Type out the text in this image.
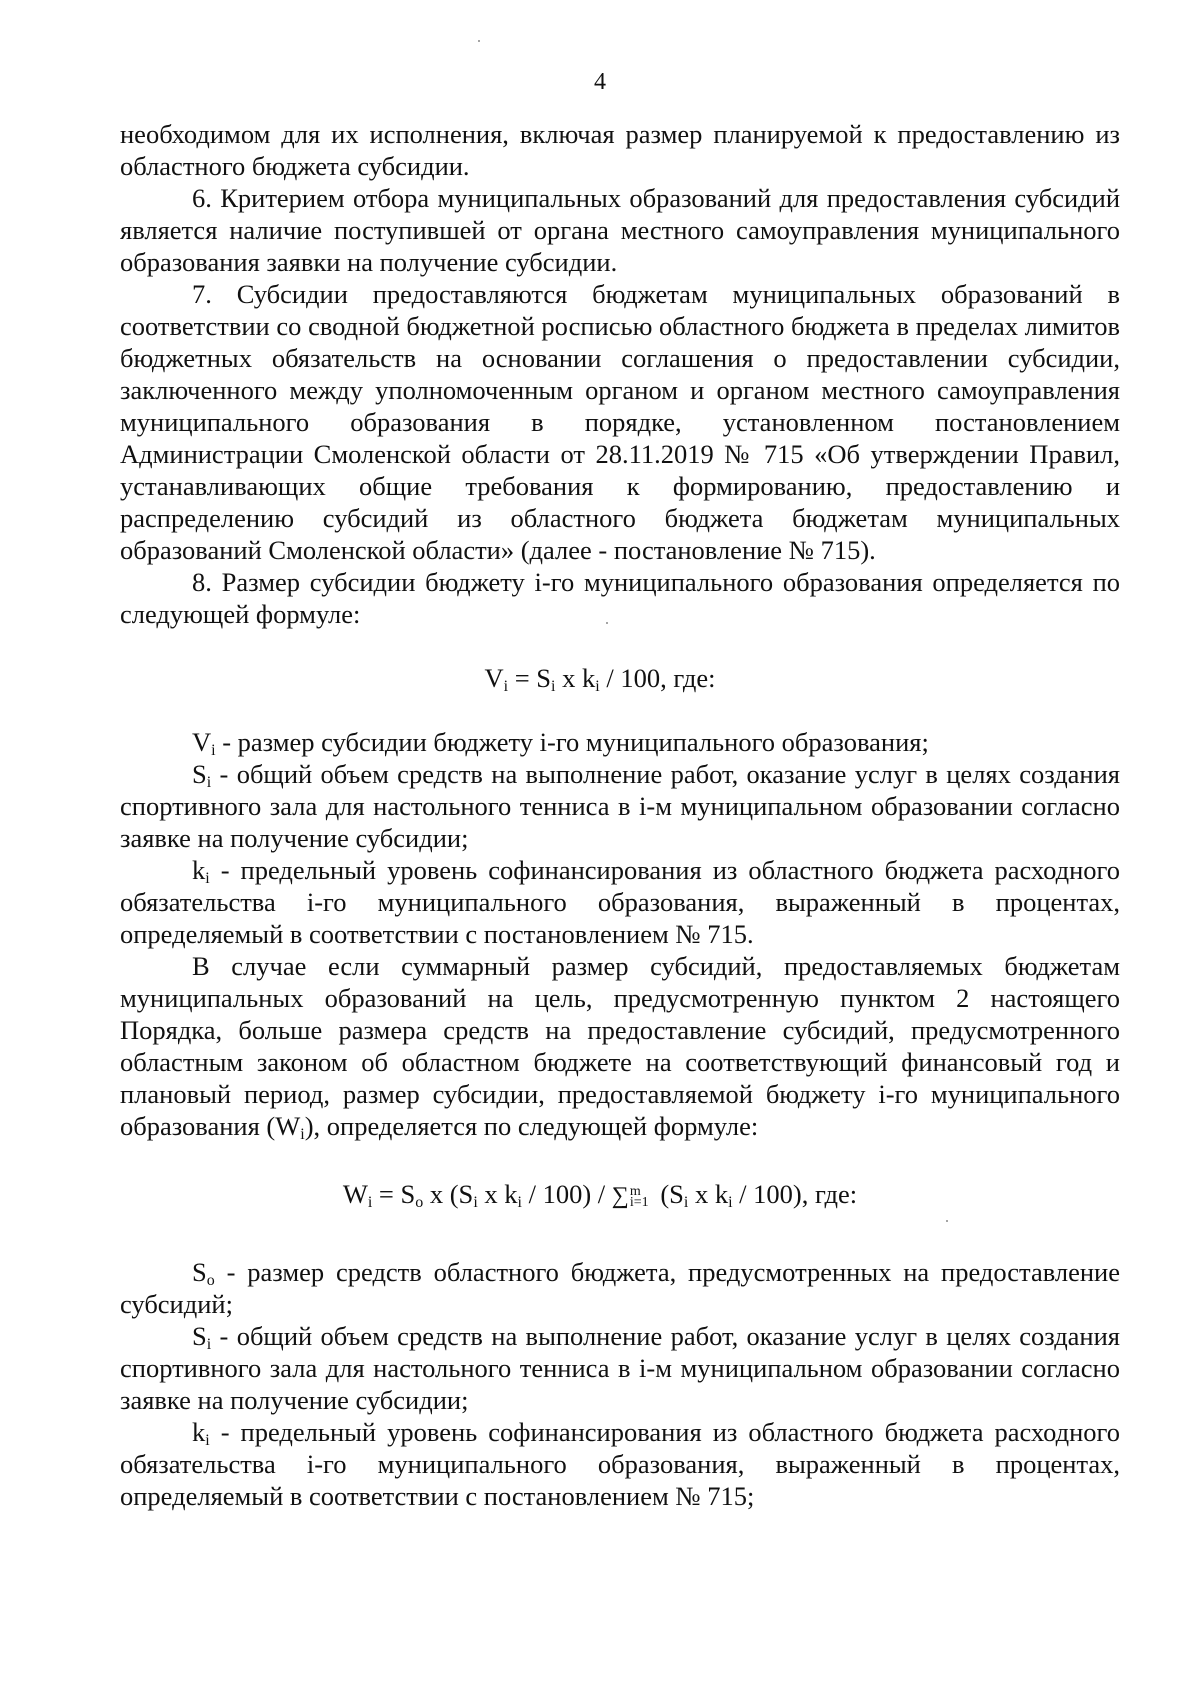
4
необходимом для их исполнения, включая размер планируемой к предоставлению из областного бюджета субсидии.
6. Критерием отбора муниципальных образований для предоставления субсидий является наличие поступившей от органа местного самоуправления муниципального образования заявки на получение субсидии.
7. Субсидии предоставляются бюджетам муниципальных образований в соответствии со сводной бюджетной росписью областного бюджета в пределах лимитов бюджетных обязательств на основании соглашения о предоставлении субсидии, заключенного между уполномоченным органом и органом местного самоуправления муниципального образования в порядке, установленном постановлением Администрации Смоленской области от 28.11.2019 № 715 «Об утверждении Правил, устанавливающих общие требования к формированию, предоставлению и распределению субсидий из областного бюджета бюджетам муниципальных образований Смоленской области» (далее - постановление № 715).
8. Размер субсидии бюджету i-го муниципального образования определяется по следующей формуле:
$V_i = S_i$ x $k_i / 100$, где:
$V_i$ - размер субсидии бюджету i-го муниципального образования;
$S_i$ - общий объем средств на выполнение работ, оказание услуг в целях создания спортивного зала для настольного тенниса в i-м муниципальном образовании согласно заявке на получение субсидии;
$k_i$ - предельный уровень софинансирования из областного бюджета расходного обязательства i-го муниципального образования, выраженный в процентах, определяемый в соответствии с постановлением № 715.
В случае если суммарный размер субсидий, предоставляемых бюджетам муниципальных образований на цель, предусмотренную пунктом 2 настоящего Порядка, больше размера средств на предоставление субсидий, предусмотренного областным законом об областном бюджете на соответствующий финансовый год и плановый период, размер субсидии, предоставляемой бюджету i-го муниципального образования $(W_i)$, определяется по следующей формуле:
$W_i = S_o$ x ($S_i$ x $k_i / 100) / \sum m$
i=1 ($S_i$ x $k_i / 100$), где:
$S_o$ - размер средств областного бюджета, предусмотренных на предоставление субсидий;
$S_i$ - общий объем средств на выполнение работ, оказание услуг в целях создания спортивного зала для настольного тенниса в i-м муниципальном образовании согласно заявке на получение субсидии;
$k_i$ - предельный уровень софинансирования из областного бюджета расходного обязательства i-го муниципального образования, выраженный в процентах, определяемый в соответствии с постановлением № 715;
